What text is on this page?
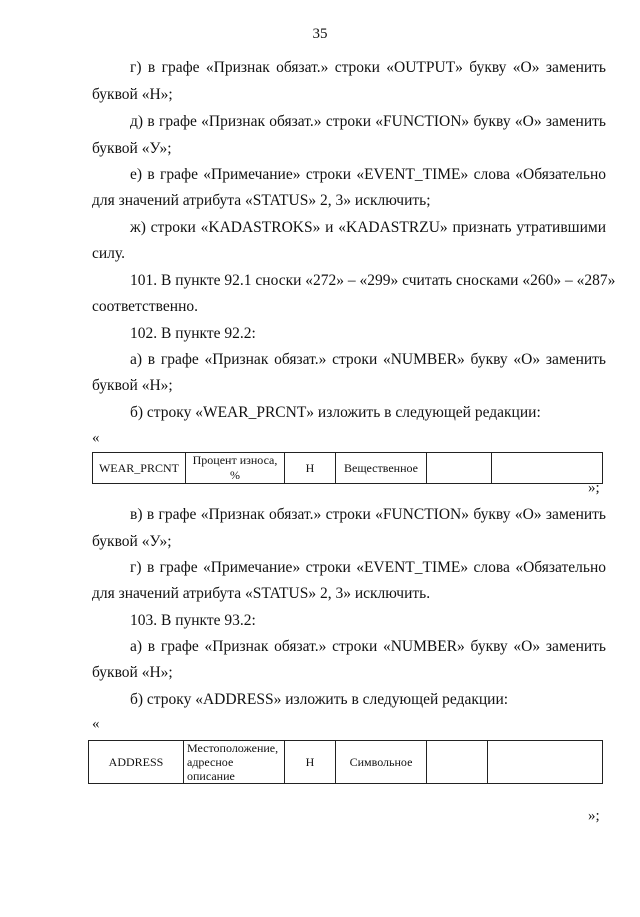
35
г) в графе «Признак обязат.» строки «OUTPUT» букву «О» заменить
буквой «Н»;
д) в графе «Признак обязат.» строки «FUNCTION» букву «О» заменить
буквой «У»;
е) в графе «Примечание» строки «EVENT_TIME» слова «Обязательно
для значений атрибута «STATUS» 2, 3» исключить;
ж) строки «KADASTROKS» и «KADASTRZU» признать утратившими
силу.
101. В пункте 92.1 сноски «272» – «299» считать сносками «260» – «287»
соответственно.
102. В пункте 92.2:
а) в графе «Признак обязат.» строки «NUMBER» букву «О» заменить
буквой «Н»;
б) строку «WEAR_PRCNT» изложить в следующей редакции:
«
WEAR_PRCNT	Процент износа, %	Н	Вещественное		
»;
в) в графе «Признак обязат.» строки «FUNCTION» букву «О» заменить
буквой «У»;
г) в графе «Примечание» строки «EVENT_TIME» слова «Обязательно
для значений атрибута «STATUS» 2, 3» исключить.
103. В пункте 93.2:
а) в графе «Признак обязат.» строки «NUMBER» букву «О» заменить
буквой «Н»;
б) строку «ADDRESS» изложить в следующей редакции:
«
ADDRESS	Местоположение, адресное описание	Н	Символьное		
»;
